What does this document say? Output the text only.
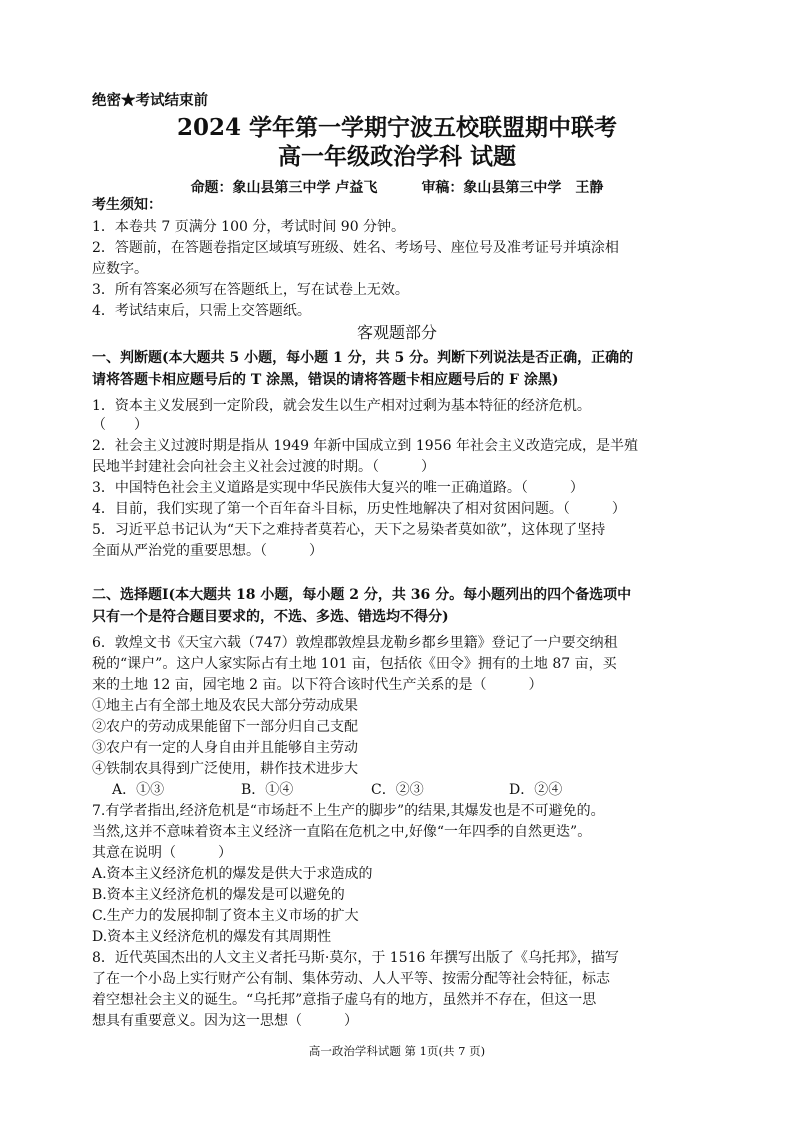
绝密★考试结束前
2024 学年第一学期宁波五校联盟期中联考
高一年级政治学科 试题
命题：象山县第三中学 卢益飞	审稿：象山县第三中学　王静
考生须知：
1．本卷共 7 页满分 100 分，考试时间 90 分钟。
2．答题前，在答题卷指定区域填写班级、姓名、考场号、座位号及准考证号并填涂相
应数字。
3．所有答案必须写在答题纸上，写在试卷上无效。
4．考试结束后，只需上交答题纸。
客观题部分
一、判断题(本大题共 5 小题，每小题 1 分，共 5 分。判断下列说法是否正确，正确的
请将答题卡相应题号后的 T 涂黑，错误的请将答题卡相应题号后的 F 涂黑)
1．资本主义发展到一定阶段，就会发生以生产相对过剩为基本特征的经济危机。
（　　）
2．社会主义过渡时期是指从 1949 年新中国成立到 1956 年社会主义改造完成，是半殖
民地半封建社会向社会主义社会过渡的时期。（　　　）
3．中国特色社会主义道路是实现中华民族伟大复兴的唯一正确道路。（　　　）
4．目前，我们实现了第一个百年奋斗目标，历史性地解决了相对贫困问题。（　　　）
5．习近平总书记认为“天下之难持者莫若心，天下之易染者莫如欲”，这体现了坚持
全面从严治党的重要思想。（　　　）
二、选择题Ⅰ(本大题共 18 小题，每小题 2 分，共 36 分。每小题列出的四个备选项中
只有一个是符合题目要求的，不选、多选、错选均不得分)
6．敦煌文书《天宝六载（747）敦煌郡敦煌县龙勒乡都乡里籍》登记了一户要交纳租
税的“课户”。这户人家实际占有土地 101 亩，包括依《田令》拥有的土地 87 亩，买
来的土地 12 亩，园宅地 2 亩。以下符合该时代生产关系的是（　　　）
①地主占有全部土地及农民大部分劳动成果
②农户的劳动成果能留下一部分归自己支配
③农户有一定的人身自由并且能够自主劳动
④铁制农具得到广泛使用，耕作技术进步大
A．①③	B．①④	C．②③	D．②④
7.有学者指出,经济危机是“市场赶不上生产的脚步”的结果,其爆发也是不可避免的。
当然,这并不意味着资本主义经济一直陷在危机之中,好像“一年四季的自然更迭”。
其意在说明（　　　）
A.资本主义经济危机的爆发是供大于求造成的
B.资本主义经济危机的爆发是可以避免的
C.生产力的发展抑制了资本主义市场的扩大
D.资本主义经济危机的爆发有其周期性
8．近代英国杰出的人文主义者托马斯·莫尔，于 1516 年撰写出版了《乌托邦》，描写
了在一个小岛上实行财产公有制、集体劳动、人人平等、按需分配等社会特征，标志
着空想社会主义的诞生。“乌托邦”意指子虚乌有的地方，虽然并不存在，但这一思
想具有重要意义。因为这一思想（　　　）
高一政治学科试题 第 1页(共 7 页)
